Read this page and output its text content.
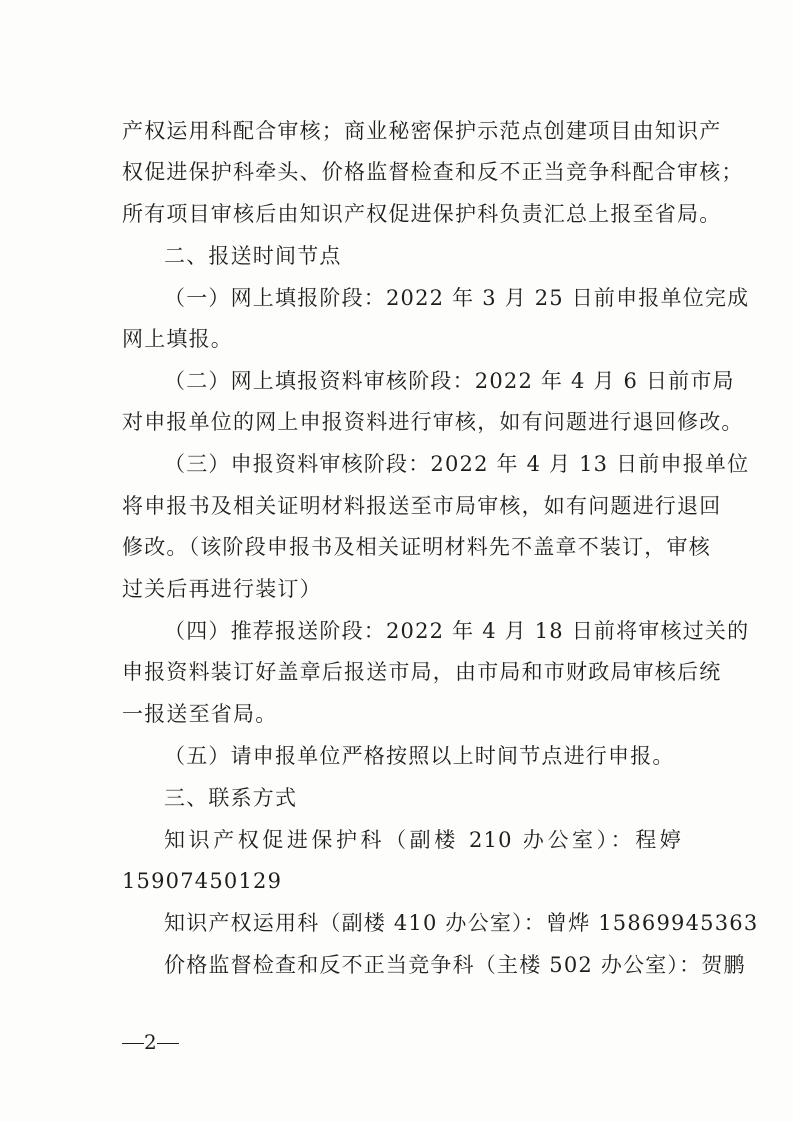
产权运用科配合审核；商业秘密保护示范点创建项目由知识产
权促进保护科牵头、价格监督检查和反不正当竞争科配合审核；
所有项目审核后由知识产权促进保护科负责汇总上报至省局。
二、报送时间节点
（一）网上填报阶段：2022 年 3 月 25 日前申报单位完成
网上填报。
（二）网上填报资料审核阶段：2022 年 4 月 6 日前市局
对申报单位的网上申报资料进行审核，如有问题进行退回修改。
（三）申报资料审核阶段：2022 年 4 月 13 日前申报单位
将申报书及相关证明材料报送至市局审核，如有问题进行退回
修改。（该阶段申报书及相关证明材料先不盖章不装订，审核
过关后再进行装订）
（四）推荐报送阶段：2022 年 4 月 18 日前将审核过关的
申报资料装订好盖章后报送市局，由市局和市财政局审核后统
一报送至省局。
（五）请申报单位严格按照以上时间节点进行申报。
三、联系方式
知识产权促进保护科（副楼 210 办公室）：程婷
15907450129
知识产权运用科（副楼 410 办公室）：曾烨 15869945363
价格监督检查和反不正当竞争科（主楼 502 办公室）：贺鹏
2
